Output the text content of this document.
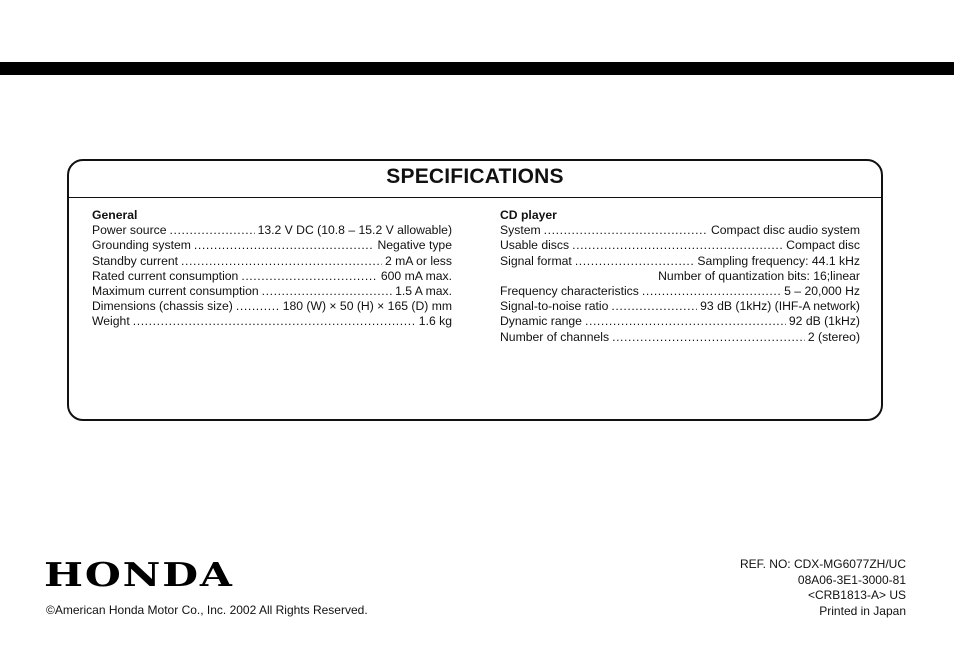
SPECIFICATIONS
General
Power source .....	13.2 V DC (10.8 – 15.2 V allowable)
Grounding system .....	Negative type
Standby current .....	2 mA or less
Rated current consumption .....	600 mA max.
Maximum current consumption .....	1.5 A max.
Dimensions (chassis size) .....	180 (W) × 50 (H) × 165 (D) mm
Weight .....	1.6 kg
CD player
System .....	Compact disc audio system
Usable discs .....	Compact disc
Signal format .....	Sampling frequency: 44.1 kHz
Number of quantization bits: 16;linear
Frequency characteristics .....	5 – 20,000 Hz
Signal-to-noise ratio .....	93 dB (1kHz) (IHF-A network)
Dynamic range .....	92 dB (1kHz)
Number of channels .....	2 (stereo)
HONDA
©American Honda Motor Co., Inc. 2002 All Rights Reserved.
REF. NO: CDX-MG6077ZH/UC
08A06-3E1-3000-81
<CRB1813-A> US
Printed in Japan
